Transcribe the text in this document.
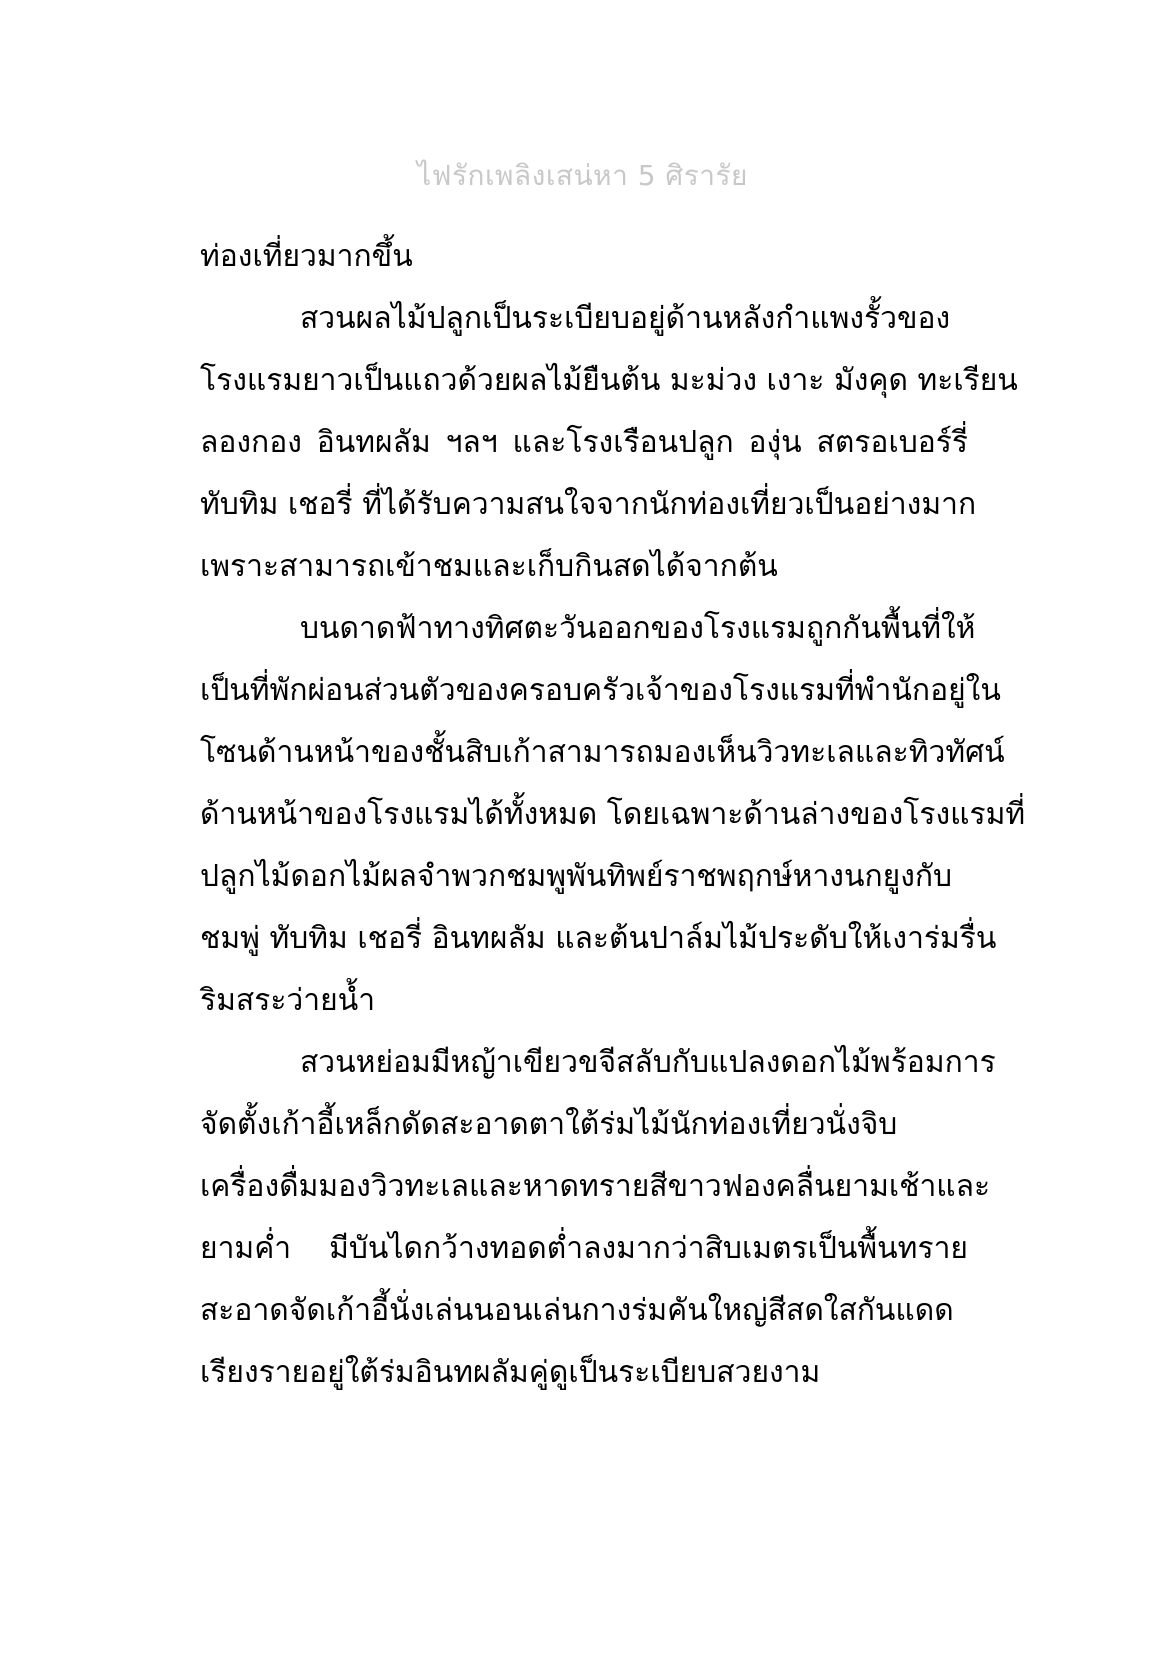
ไฟรักเพลิงเสน่หา 5 ศิรารัย
ท่องเที่ยวมากขึ้น
สวนผลไม้ปลูกเป็นระเบียบอยู่ด้านหลังกำแพงรั้วของ
โรงแรมยาวเป็นแถวด้วยผลไม้ยืนต้น มะม่วง เงาะ มังคุด ทะเรียน
ลองกอง อินทผลัม ฯลฯ และโรงเรือนปลูก องุ่น สตรอเบอร์รี่
ทับทิม เชอรี่ ที่ได้รับความสนใจจากนักท่องเที่ยวเป็นอย่างมาก
เพราะสามารถเข้าชมและเก็บกินสดได้จากต้น
บนดาดฟ้าทางทิศตะวันออกของโรงแรมถูกกันพื้นที่ให้
เป็นที่พักผ่อนส่วนตัวของครอบครัวเจ้าของโรงแรมที่พำนักอยู่ใน
โซนด้านหน้าของชั้นสิบเก้าสามารถมองเห็นวิวทะเลและทิวทัศน์
ด้านหน้าของโรงแรมได้ทั้งหมด โดยเฉพาะด้านล่างของโรงแรมที่
ปลูกไม้ดอกไม้ผลจำพวกชมพูพันทิพย์ราชพฤกษ์หางนกยูงกับ
ชมพู่ ทับทิม เชอรี่ อินทผลัม และต้นปาล์มไม้ประดับให้เงาร่มรื่น
ริมสระว่ายน้ำ
สวนหย่อมมีหญ้าเขียวขจีสลับกับแปลงดอกไม้พร้อมการ
จัดตั้งเก้าอี้เหล็กดัดสะอาดตาใต้ร่มไม้นักท่องเที่ยวนั่งจิบ
เครื่องดื่มมองวิวทะเลและหาดทรายสีขาวฟองคลื่นยามเช้าและ
ยามค่ำ มีบันไดกว้างทอดต่ำลงมากว่าสิบเมตรเป็นพื้นทราย
สะอาดจัดเก้าอี้นั่งเล่นนอนเล่นกางร่มคันใหญ่สีสดใสกันแดด
เรียงรายอยู่ใต้ร่มอินทผลัมคู่ดูเป็นระเบียบสวยงาม
